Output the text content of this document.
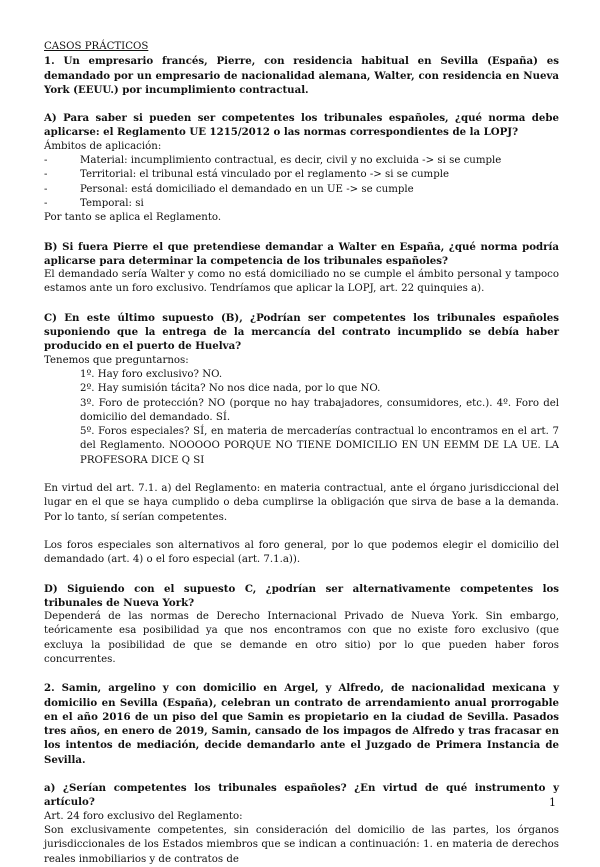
CASOS PRÁCTICOS

1. Un empresario francés, Pierre, con residencia habitual en Sevilla (España) es demandado por un empresario de nacionalidad alemana, Walter, con residencia en Nueva York (EEUU.) por incumplimiento contractual.

A) Para saber si pueden ser competentes los tribunales españoles, ¿qué norma debe aplicarse: el Reglamento UE 1215/2012 o las normas correspondientes de la LOPJ?

Ámbitos de aplicación:

-	Material: incumplimiento contractual, es decir, civil y no excluida -> si se cumple
-	Territorial: el tribunal está vinculado por el reglamento -> si se cumple
-	Personal: está domiciliado el demandado en un UE -> se cumple
-	Temporal: si

Por tanto se aplica el Reglamento.

B) Si fuera Pierre el que pretendiese demandar a Walter en España, ¿qué norma podría aplicarse para determinar la competencia de los tribunales españoles?

El demandado sería Walter y como no está domiciliado no se cumple el ámbito personal y tampoco estamos ante un foro exclusivo. Tendríamos que aplicar la LOPJ, art. 22 quinquies a).

C) En este último supuesto (B), ¿Podrían ser competentes los tribunales españoles suponiendo que la entrega de la mercancía del contrato incumplido se debía haber producido en el puerto de Huelva?

Tenemos que preguntarnos:

1º. Hay foro exclusivo? NO.

2º. Hay sumisión tácita? No nos dice nada, por lo que NO.

3º. Foro de protección? NO (porque no hay trabajadores, consumidores, etc.). 4º. Foro del domicilio del demandado. SÍ.

5º. Foros especiales? SÍ, en materia de mercaderías contractual lo encontramos en el art. 7 del Reglamento. NOOOOO PORQUE NO TIENE DOMICILIO EN UN EEMM DE LA UE. LA PROFESORA DICE Q SI

En virtud del art. 7.1. a) del Reglamento: en materia contractual, ante el órgano jurisdiccional del lugar en el que se haya cumplido o deba cumplirse la obligación que sirva de base a la demanda. Por lo tanto, sí serían competentes.

Los foros especiales son alternativos al foro general, por lo que podemos elegir el domicilio del demandado (art. 4) o el foro especial (art. 7.1.a)).

D) Siguiendo con el supuesto C, ¿podrían ser alternativamente competentes los tribunales de Nueva York?

Dependerá de las normas de Derecho Internacional Privado de Nueva York. Sin embargo, teóricamente esa posibilidad ya que nos encontramos con que no existe foro exclusivo (que excluya la posibilidad de que se demande en otro sitio) por lo que pueden haber foros concurrentes.

2. Samin, argelino y con domicilio en Argel, y Alfredo, de nacionalidad mexicana y domicilio en Sevilla (España), celebran un contrato de arrendamiento anual prorrogable en el año 2016 de un piso del que Samin es propietario en la ciudad de Sevilla. Pasados tres años, en enero de 2019, Samin, cansado de los impagos de Alfredo y tras fracasar en los intentos de mediación, decide demandarlo ante el Juzgado de Primera Instancia de Sevilla.

a) ¿Serían competentes los tribunales españoles? ¿En virtud de qué instrumento y artículo?

Art. 24 foro exclusivo del Reglamento:

Son exclusivamente competentes, sin consideración del domicilio de las partes, los órganos jurisdiccionales de los Estados miembros que se indican a continuación: 1. en materia de derechos reales inmobiliarios y de contratos de

1
